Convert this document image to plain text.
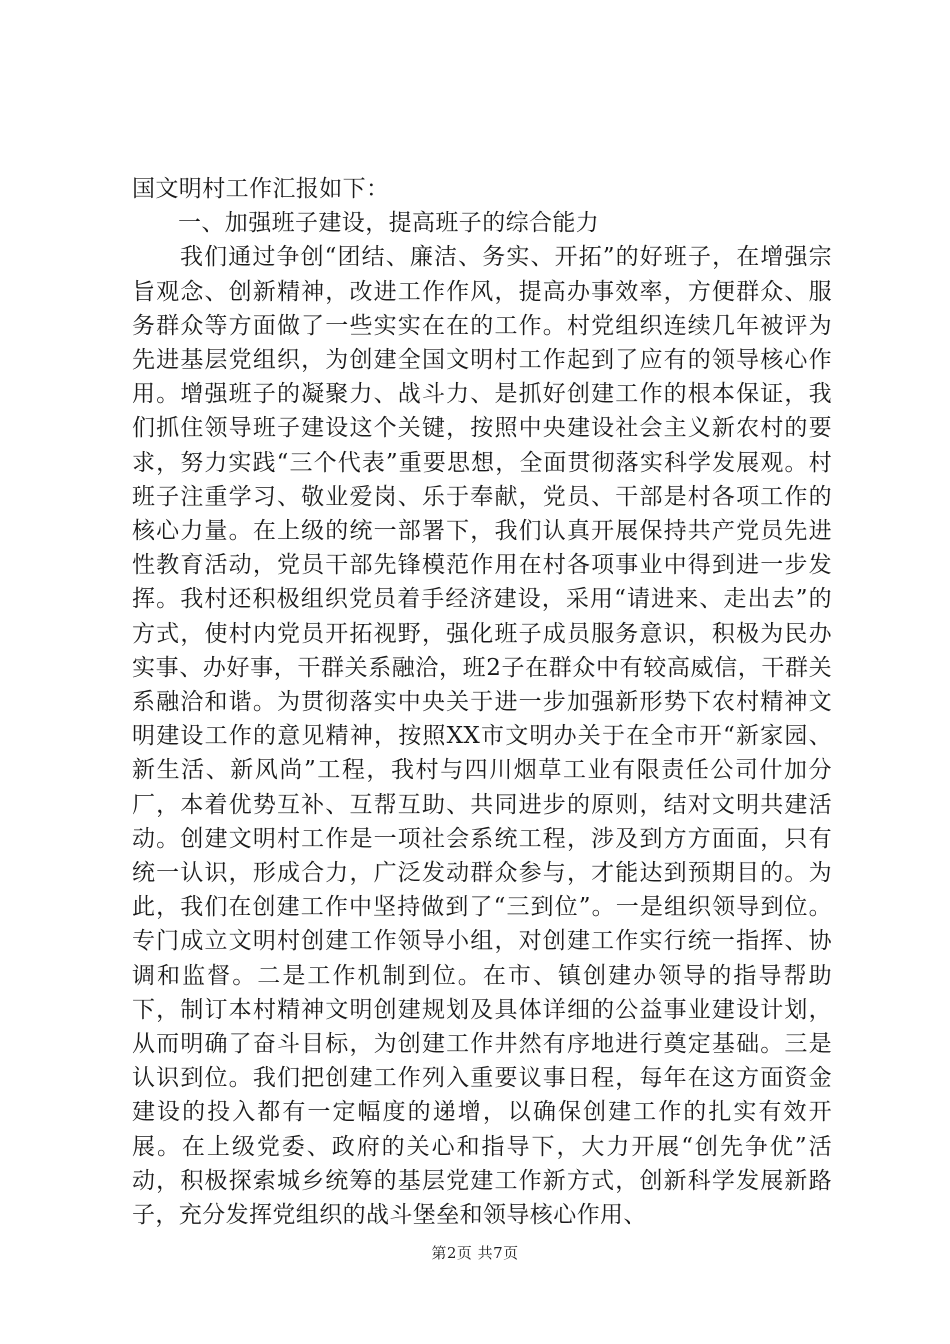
国文明村工作汇报如下：

一、加强班子建设，提高班子的综合能力

我们通过争创“团结、廉洁、务实、开拓”的好班子，在增强宗旨观念、创新精神，改进工作作风，提高办事效率，方便群众、服务群众等方面做了一些实实在在的工作。村党组织连续几年被评为先进基层党组织，为创建全国文明村工作起到了应有的领导核心作用。增强班子的凝聚力、战斗力、是抓好创建工作的根本保证，我们抓住领导班子建设这个关键，按照中央建设社会主义新农村的要求，努力实践“三个代表”重要思想，全面贯彻落实科学发展观。村班子注重学习、敬业爱岗、乐于奉献，党员、干部是村各项工作的核心力量。在上级的统一部署下，我们认真开展保持共产党员先进性教育活动，党员干部先锋模范作用在村各项事业中得到进一步发挥。我村还积极组织党员着手经济建设，采用“请进来、走出去”的方式，使村内党员开拓视野，强化班子成员服务意识，积极为民办实事、办好事，干群关系融洽，班2子在群众中有较高威信，干群关系融洽和谐。为贯彻落实中央关于进一步加强新形势下农村精神文明建设工作的意见精神，按照XX市文明办关于在全市开“新家园、新生活、新风尚”工程，我村与四川烟草工业有限责任公司什加分厂，本着优势互补、互帮互助、共同进步的原则，结对文明共建活动。创建文明村工作是一项社会系统工程，涉及到方方面面，只有统一认识，形成合力，广泛发动群众参与，才能达到预期目的。为此，我们在创建工作中坚持做到了“三到位”。一是组织领导到位。专门成立文明村创建工作领导小组，对创建工作实行统一指挥、协调和监督。二是工作机制到位。在市、镇创建办领导的指导帮助下，制订本村精神文明创建规划及具体详细的公益事业建设计划，从而明确了奋斗目标，为创建工作井然有序地进行奠定基础。三是认识到位。我们把创建工作列入重要议事日程，每年在这方面资金建设的投入都有一定幅度的递增，以确保创建工作的扎实有效开展。在上级党委、政府的关心和指导下，大力开展“创先争优”活动，积极探索城乡统筹的基层党建工作新方式，创新科学发展新路子，充分发挥党组织的战斗堡垒和领导核心作用、

第2页 共7页
